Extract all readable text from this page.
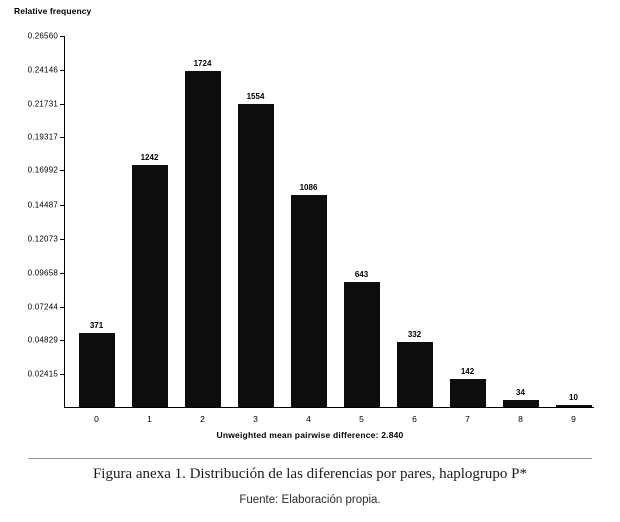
Relative frequency
0.02415
0.04829
0.07244
0.09658
0.12073
0.14487
0.16992
0.19317
0.21731
0.24146
0.26560
371
0
1242
1
1724
2
1554
3
1086
4
643
5
332
6
142
7
34
8
10
9
Unweighted mean pairwise difference: 2.840
Figura anexa 1. Distribución de las diferencias por pares, haplogrupo P*
Fuente: Elaboración propia.
